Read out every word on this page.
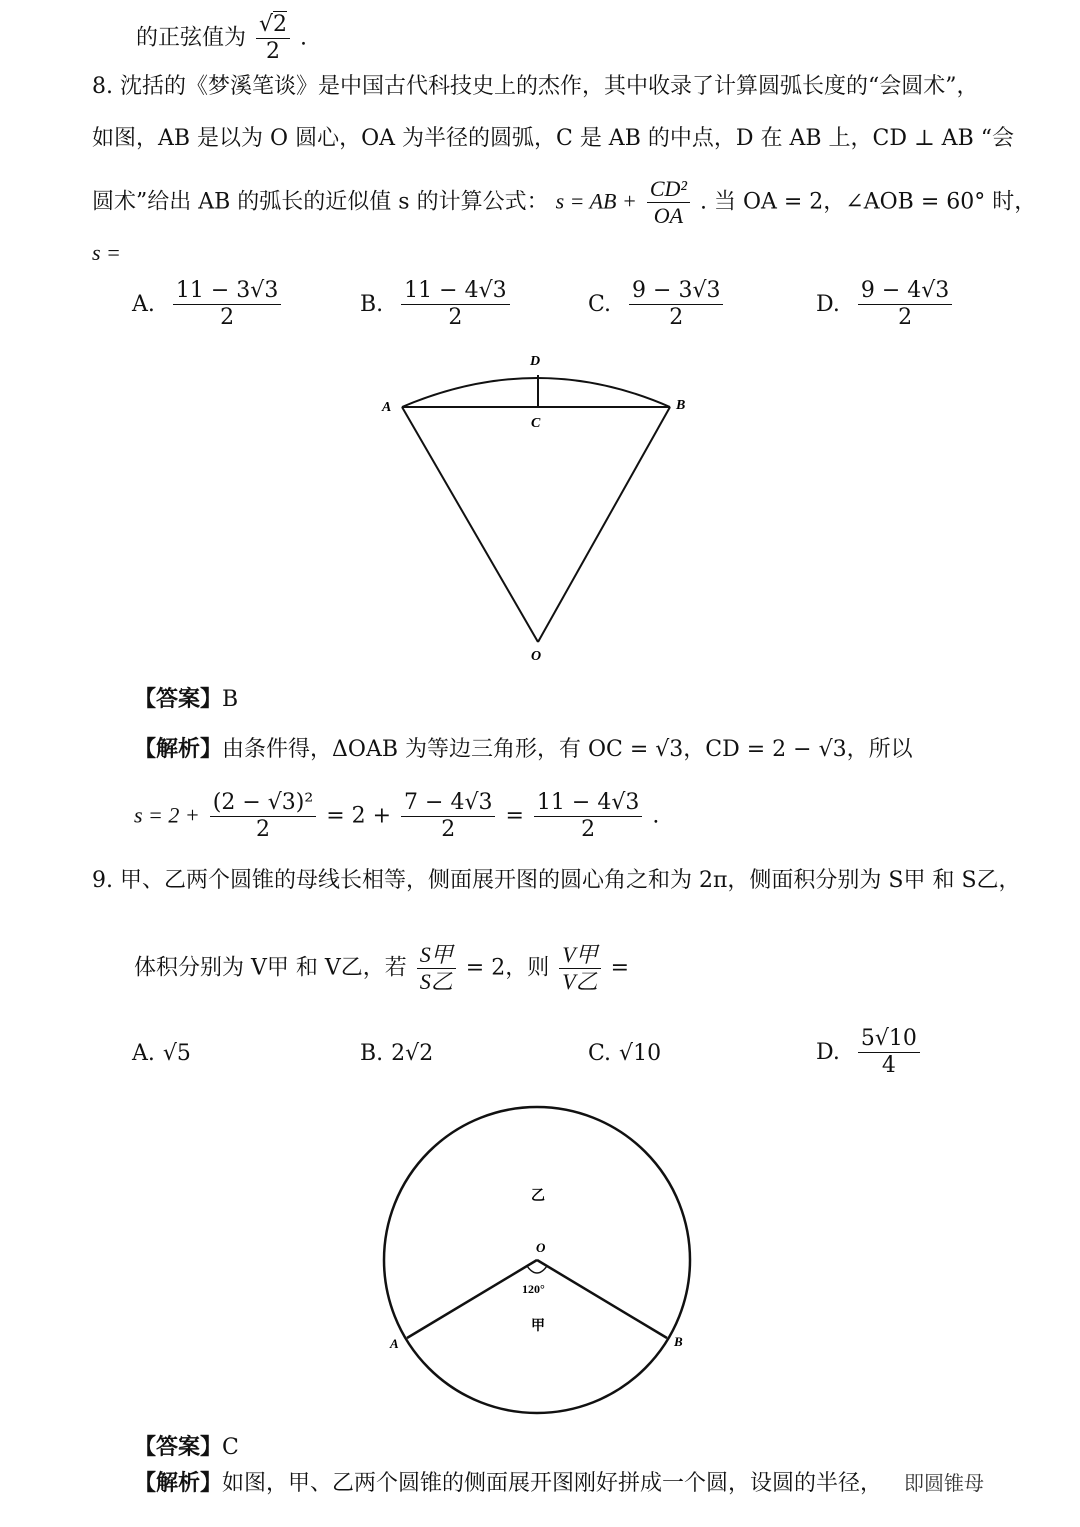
的正弦值为 $\frac{√2}{2}$ .
8. 沈括的《梦溪笔谈》是中国古代科技史上的杰作，其中收录了计算圆弧长度的“会圆术”，
如图，AB 是以为 O 圆心，OA 为半径的圆弧，C 是 AB 的中点，D 在 AB 上，CD ⊥ AB “会
圆术”给出 AB 的弧长的近似值 s 的计算公式： s = AB + $\frac{\text{CD²}}{OA}$ . 当 OA = 2，∠AOB = 60° 时，
s =
A. $\frac{11 - 3√3}{2}$	B. $\frac{11 - 4√3}{2}$	C. $\frac{9 - 3√3}{2}$	D. $\frac{9 - 4√3}{2}$
A	B
C
D
O
【答案】B
【解析】由条件得，ΔOAB 为等边三角形，有 OC = √3，CD = 2 − √3，所以
$s = 2 + \frac{\text{(2 − √3)²}}{2} = 2 + \frac{7 - 4√3}{2} = \frac{11 - 4√3}{2}$ .
9. 甲、乙两个圆锥的母线长相等，侧面展开图的圆心角之和为 2π，侧面积分别为 S甲 和 S乙，
体积分别为 V甲 和 V乙，若 $\frac{\text{S甲}}{\text{S乙}} = 2$，则 $\frac{\text{V甲}}{\text{V乙}}$ =
A. √5	B. 2√2	C. √10	D. $\frac{5√10}{4}$
乙
甲
O
120°
A	B
【答案】C
【解析】如图，甲、乙两个圆锥的侧面展开图刚好拼成一个圆，设圆的半径， 即圆锥母
